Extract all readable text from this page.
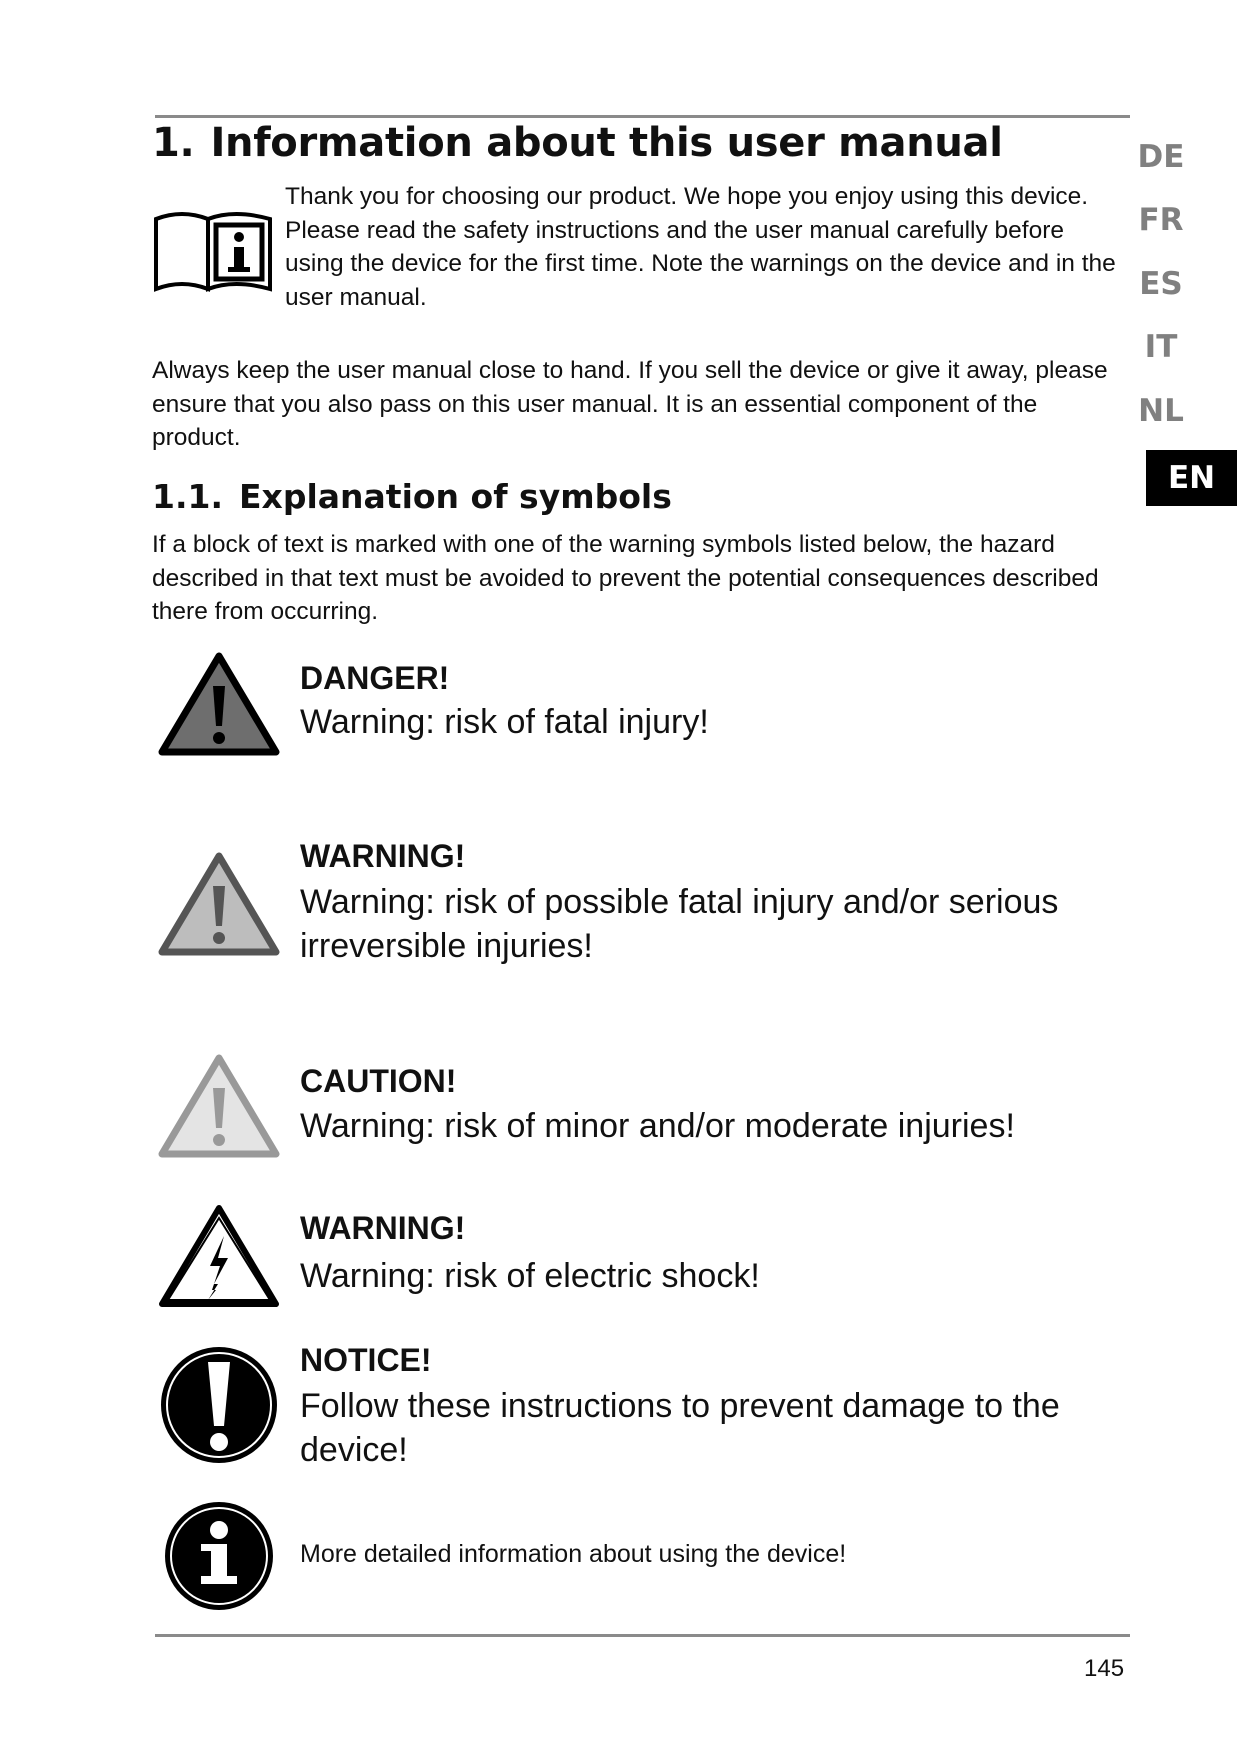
1. Information about this user manual

Thank you for choosing our product. We hope you enjoy using this device. Please read the safety instructions and the user manual carefully before using the device for the first time. Note the warnings on the device and in the user manual.

Always keep the user manual close to hand. If you sell the device or give it away, please ensure that you also pass on this user manual. It is an essential component of the product.

1.1. Explanation of symbols

If a block of text is marked with one of the warning symbols listed below, the hazard described in that text must be avoided to prevent the potential consequences described there from occurring.

DANGER!

Warning: risk of fatal injury!

WARNING!

Warning: risk of possible fatal injury and/or serious irreversible injuries!

CAUTION!

Warning: risk of minor and/or moderate injuries!

WARNING!

Warning: risk of electric shock!

NOTICE!

Follow these instructions to prevent damage to the device!

More detailed information about using the device!

DE
FR
ES
IT
NL
EN
145
